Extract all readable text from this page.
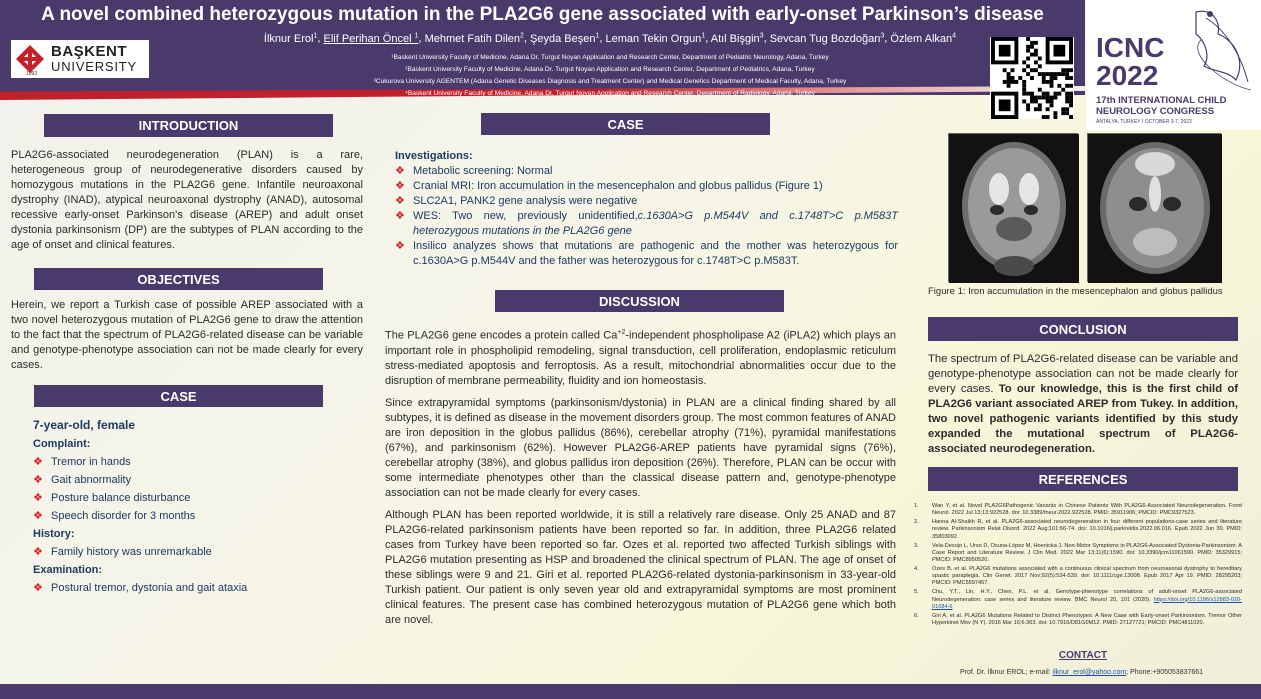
A novel combined heterozygous mutation in the PLA2G6 gene associated with early-onset Parkinson’s disease
İlknur Erol$^1$, Elif Perihan Öncel $^1$, Mehmet Fatih Dilen$^2$, Şeyda Beşen$^1$, Leman Tekin Orgun$^1$, Atıl Bişgin$^3$, Sevcan Tug Bozdoğan$^3$, Özlem Alkan$^4$
¹Baskent University Faculty of Medicine, Adana Dr. Turgut Noyan Application and Research Center, Department of Pediatric Neurology, Adana, Turkey
²Baskent University Faculty of Medicine, Adana Dr. Turgut Noyan Application and Research Center, Department of Pediatrics, Adana, Turkey
³Cukurova University AGENTEM (Adana Genetic Diseases Diagnosis and Treatment Center) and Medical Genetics Department of Medical Faculty, Adana, Turkey
⁴Baskent University Faculty of Medicine, Adana Dr. Turgut Noyan Application and Research Center, Department of Radiology, Adana, Turkey
BAŞKENT
UNIVERSITY
1993
ICNC
2022
17th INTERNATIONAL CHILD
NEUROLOGY CONGRESS
ANTALYA, TURKEY I OCTOBER 3-7, 2022
INTRODUCTION
PLA2G6-associated neurodegeneration (PLAN) is a rare, heterogeneous group of neurodegenerative disorders caused by homozygous mutations in the PLA2G6 gene. Infantile neuroaxonal dystrophy (INAD), atypical neuroaxonal dystrophy (ANAD), autosomal recessive early-onset Parkinson's disease (AREP) and adult onset dystonia parkinsonism (DP) are the subtypes of PLAN according to the age of onset and clinical features.
OBJECTIVES
Herein, we report a Turkish case of possible AREP associated with a two novel heterozygous mutation of PLA2G6 gene to draw the attention to the fact that the spectrum of PLA2G6-related disease can be variable and genotype-phenotype association can not be made clearly for every cases.
CASE
7-year-old, female
Complaint:
❖ Tremor in hands
❖ Gait abnormality
❖ Posture balance disturbance
❖ Speech disorder for 3 months
History:
❖ Family history was unremarkable
Examination:
❖ Postural tremor, dystonia and gait ataxia
CASE
Investigations:
❖ Metabolic screening: Normal
❖ Cranial MRI: Iron accumulation in the mesencephalon and globus pallidus (Figure 1)
❖ SLC2A1, PANK2 gene analysis were negative
❖ WES: Two new, previously unidentified,c.1630A>G p.M544V and c.1748T>C p.M583T heterozygous mutations in the PLA2G6 gene
❖ Insilico analyzes shows that mutations are pathogenic and the mother was heterozygous for c.1630A>G p.M544V and the father was heterozygous for c.1748T>C p.M583T.
DISCUSSION

The PLA2G6 gene encodes a protein called $Ca^{+2}$-independent phospholipase A2 (iPLA2) which plays an important role in phospholipid remodeling, signal transduction, cell proliferation, endoplasmic reticulum stress-mediated apoptosis and ferroptosis. As a result, mitochondrial abnormalities occur due to the disruption of membrane permeability, fluidity and ion homeostasis.

Since extrapyramidal symptoms (parkinsonism/dystonia) in PLAN are a clinical finding shared by all subtypes, it is defined as disease in the movement disorders group. The most common features of ANAD are iron deposition in the globus pallidus (86%), cerebellar atrophy (71%), pyramidal manifestations (67%), and parkinsonism (62%). However PLA2G6-AREP patients have pyramidal signs (76%), cerebellar atrophy (38%), and globus pallidus iron deposition (26%). Therefore, PLAN can be occur with some intermediate phenotypes other than the classical disease pattern and, genotype-phenotype association can not be made clearly for every cases.

Although PLAN has been reported worldwide, it is still a relatively rare disease. Only 25 ANAD and 87 PLA2G6-related parkinsonism patients have been reported so far. In addition, three PLA2G6 related cases from Turkey have been reported so far. Ozes et al. reported two affected Turkish siblings with PLA2G6 mutation presenting as HSP and broadened the clinical spectrum of PLAN. The age of onset of these siblings were 9 and 21. Giri et al. reported PLA2G6-related dystonia-parkinsonism in 33-year-old Turkish patient. Our patient is only seven year old and extrapyramidal symptoms are most prominent clinical features. The present case has combined heterozygous mutation of PLA2G6 gene which both are novel.

Figure 1: Iron accumulation in the mesencephalon and globus pallidus
CONCLUSION
The spectrum of PLA2G6-related disease can be variable and genotype-phenotype association can not be made clearly for every cases. To our knowledge, this is the first child of PLA2G6 variant associated AREP from Tukey. In addition, two novel pathogenic variants identified by this study expanded the mutational spectrum of PLA2G6-associated neurodegeneration.
REFERENCES
1.	Wan Y, et al. Novel PLA2G6Pathogenic Variants in Chinese Patients With PLA2G6-Associated Neurodegeneration. Front Neurol. 2022 Jul 13;13:922528. doi: 10.3389/fneur.2022.922528. PMID: 35911906; PMCID: PMC9327523.
2.	Hanna Al-Shaikh R, et al. PLA2G6-associated neurodegeneration in four different populations-case series and literature review. Parkinsonism Relat Disord. 2022 Aug;101:66-74. doi: 10.1016/j.parkreldis.2022.06.016. Epub 2022 Jun 30. PMID: 35803092.
3.	Vela-Desojo L, Urso D, Osuna-López M, Hoenicka J. Non-Motor Symptoms in PLA2G6-Associated Dystonia-Parkinsonism: A Case Report and Literature Review. J Clin Med. 2022 Mar 13;11(6):1590. doi: 10.3390/jcm11061590. PMID: 35329915; PMCID: PMC8950520.
4.	Ozes B, et al. PLA2G6 mutations associated with a continuous clinical spectrum from neuroaxonal dystrophy to hereditary spastic paraplegia. Clin Genet. 2017 Nov;92(5):534-539. doi: 10.1111/cge.13008. Epub 2017 Apr 19. PMID: 28295203; PMCID: PMC5597457.
5.	Chu, Y.T., Lin, H.Y., Chen, P.L. et al. Genotype-phenotype correlations of adult-onset PLA2G6-associated Neurodegeneration: case series and literature review. BMC Neurol 20, 101 (2020). https://doi.org/10.1186/s12883-020-01684-6
6.	Giri A, et al. PLA2G6 Mutations Related to Distinct Phenotypes: A New Case with Early-onset Parkinsonism. Tremor Other Hyperkinet Mov (N Y). 2016 Mar 16;6:363. doi: 10.7916/D81G0M12. PMID: 27127721; PMCID: PMC4811020.
CONTACT
Prof. Dr. İlknur EROL; e-mail: ilknur_erol@yahoo.com; Phone:+905053837661
